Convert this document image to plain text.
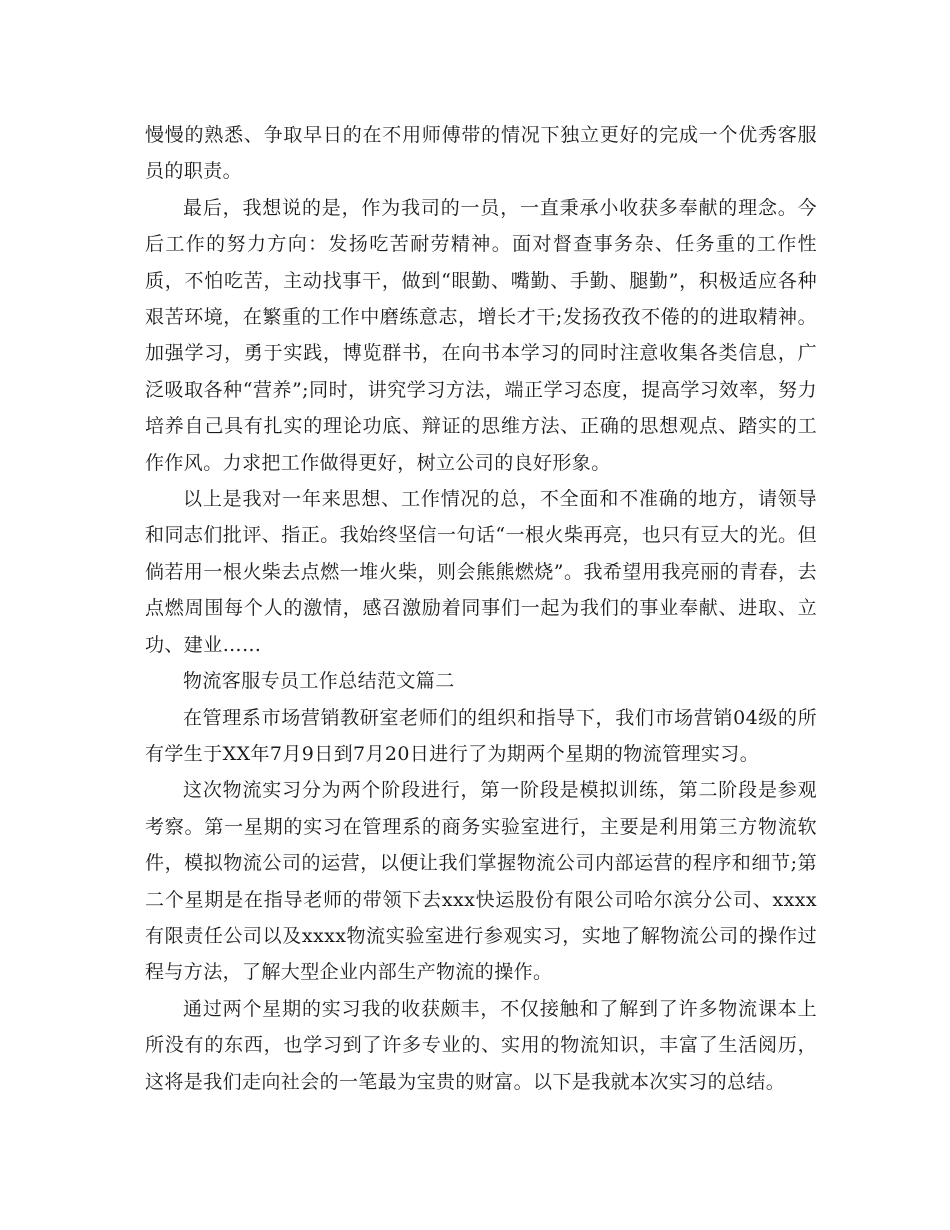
慢慢的熟悉、争取早日的在不用师傅带的情况下独立更好的完成一个优秀客服员的职责。

最后，我想说的是，作为我司的一员，一直秉承小收获多奉献的理念。今后工作的努力方向：发扬吃苦耐劳精神。面对督查事务杂、任务重的工作性质，不怕吃苦，主动找事干，做到“眼勤、嘴勤、手勤、腿勤”，积极适应各种艰苦环境，在繁重的工作中磨练意志，增长才干;发扬孜孜不倦的的进取精神。加强学习，勇于实践，博览群书，在向书本学习的同时注意收集各类信息，广泛吸取各种“营养”;同时，讲究学习方法，端正学习态度，提高学习效率，努力培养自己具有扎实的理论功底、辩证的思维方法、正确的思想观点、踏实的工作作风。力求把工作做得更好，树立公司的良好形象。

以上是我对一年来思想、工作情况的总，不全面和不准确的地方，请领导和同志们批评、指正。我始终坚信一句话“一根火柴再亮，也只有豆大的光。但倘若用一根火柴去点燃一堆火柴，则会熊熊燃烧”。我希望用我亮丽的青春，去点燃周围每个人的激情，感召激励着同事们一起为我们的事业奉献、进取、立功、建业……

物流客服专员工作总结范文篇二

在管理系市场营销教研室老师们的组织和指导下，我们市场营销04级的所有学生于XX年7月9日到7月20日进行了为期两个星期的物流管理实习。

这次物流实习分为两个阶段进行，第一阶段是模拟训练，第二阶段是参观考察。第一星期的实习在管理系的商务实验室进行，主要是利用第三方物流软件，模拟物流公司的运营，以便让我们掌握物流公司内部运营的程序和细节;第二个星期是在指导老师的带领下去xxx快运股份有限公司哈尔滨分公司、xxxx有限责任公司以及xxxx物流实验室进行参观实习，实地了解物流公司的操作过程与方法，了解大型企业内部生产物流的操作。

通过两个星期的实习我的收获颇丰，不仅接触和了解到了许多物流课本上所没有的东西，也学习到了许多专业的、实用的物流知识，丰富了生活阅历，这将是我们走向社会的一笔最为宝贵的财富。以下是我就本次实习的总结。
